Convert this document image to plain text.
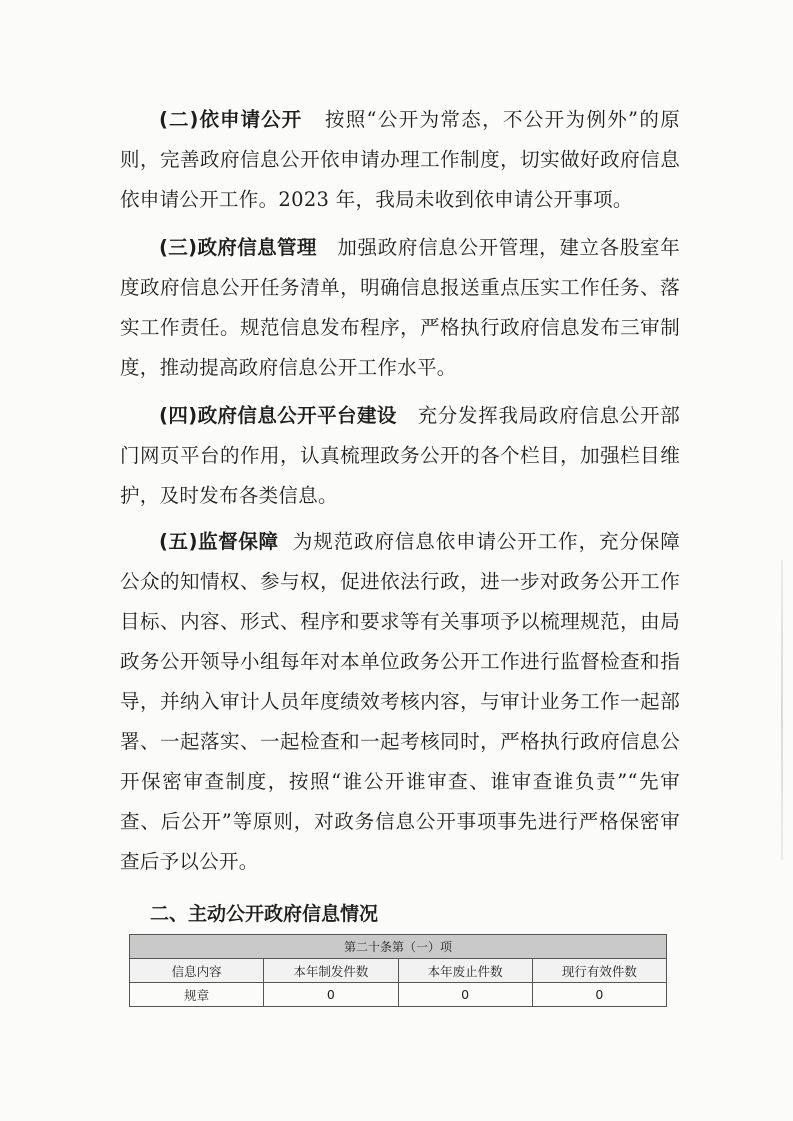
(二)依申请公开 按照“公开为常态，不公开为例外”的原则，完善政府信息公开依申请办理工作制度，切实做好政府信息依申请公开工作。2023 年，我局未收到依申请公开事项。

(三)政府信息管理 加强政府信息公开管理，建立各股室年度政府信息公开任务清单，明确信息报送重点压实工作任务、落实工作责任。规范信息发布程序，严格执行政府信息发布三审制度，推动提高政府信息公开工作水平。

(四)政府信息公开平台建设 充分发挥我局政府信息公开部门网页平台的作用，认真梳理政务公开的各个栏目，加强栏目维护，及时发布各类信息。

(五)监督保障 为规范政府信息依申请公开工作，充分保障公众的知情权、参与权，促进依法行政，进一步对政务公开工作目标、内容、形式、程序和要求等有关事项予以梳理规范，由局政务公开领导小组每年对本单位政务公开工作进行监督检查和指导，并纳入审计人员年度绩效考核内容，与审计业务工作一起部署、一起落实、一起检查和一起考核同时，严格执行政府信息公开保密审查制度，按照“谁公开谁审查、谁审查谁负责”“先审查、后公开”等原则，对政务信息公开事项事先进行严格保密审查后予以公开。

二、主动公开政府信息情况
第二十条第（一）项			
信息内容	本年制发件数	本年废止件数	现行有效件数
规章	0	0	0
